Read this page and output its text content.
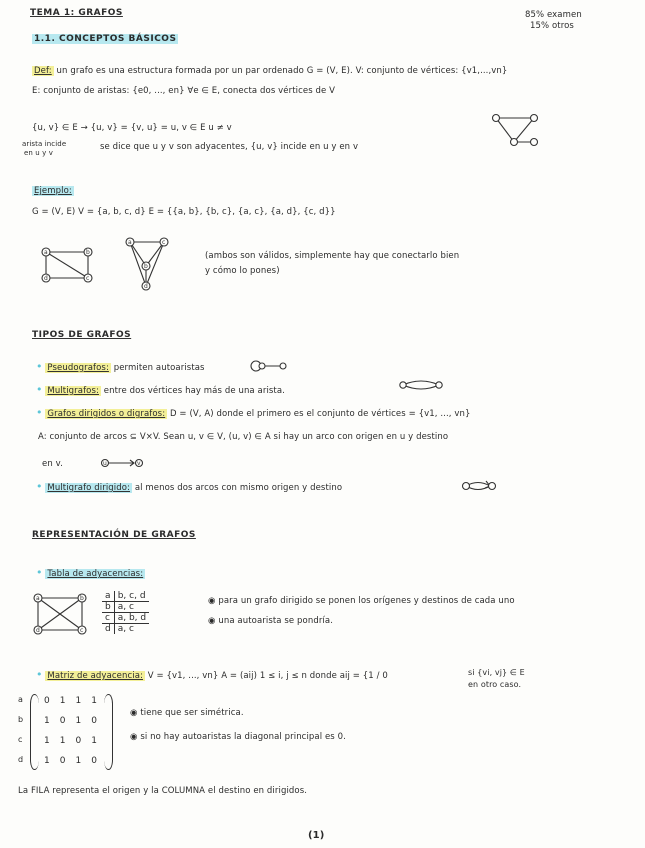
TEMA 1: GRAFOS	85% examen
15% otros
1.1. CONCEPTOS BÁSICOS
Def: un grafo es una estructura formada por un par ordenado G = (V, E). V: conjunto de vértices: {v1,...,vn}
E: conjunto de aristas: {e0, ..., en} ∀e ∈ E, conecta dos vértices de V
{u, v} ∈ E → {u, v} = {v, u} = u, v ∈ E u ≠ v
arista incide
en u y v
se dice que u y v son adyacentes, {u, v} incide en u y en v
Ejemplo:
G = (V, E) V = {a, b, c, d} E = {{a, b}, {b, c}, {a, c}, {a, d}, {c, d}}
a	b
c
d
a	c
b
d
(ambos son válidos, simplemente hay que conectarlo bien
y cómo lo pones)
TIPOS DE GRAFOS
• Pseudografos: permiten autoaristas
• Multigrafos: entre dos vértices hay más de una arista.
• Grafos dirigidos o digrafos: D = (V, A) donde el primero es el conjunto de vértices = {v1, ..., vn}
A: conjunto de arcos ⊆ V×V. Sean u, v ∈ V, (u, v) ∈ A si hay un arco con origen en u y destino
en v.	u	v
• Multigrafo dirigido: al menos dos arcos con mismo origen y destino
REPRESENTACIÓN DE GRAFOS
• Tabla de adyacencias:
a	b
c
d
a	b, c, d
b	a, c
c	a, b, d
d	a, c
◉ para un grafo dirigido se ponen los orígenes y destinos de cada uno
◉ una autoarista se pondría.
• Matriz de adyacencia: V = {v1, ..., vn} A = (aij) 1 ≤ i, j ≤ n donde aij = {1 / 0	si {vi, vj} ∈ E
en otro caso.
a
b
c
d
0 1 1 1
1 0 1 0
1 1 0 1
1 0 1 0
◉ tiene que ser simétrica.
◉ si no hay autoaristas la diagonal principal es 0.
La FILA representa el origen y la COLUMNA el destino en dirigidos.
(1)
